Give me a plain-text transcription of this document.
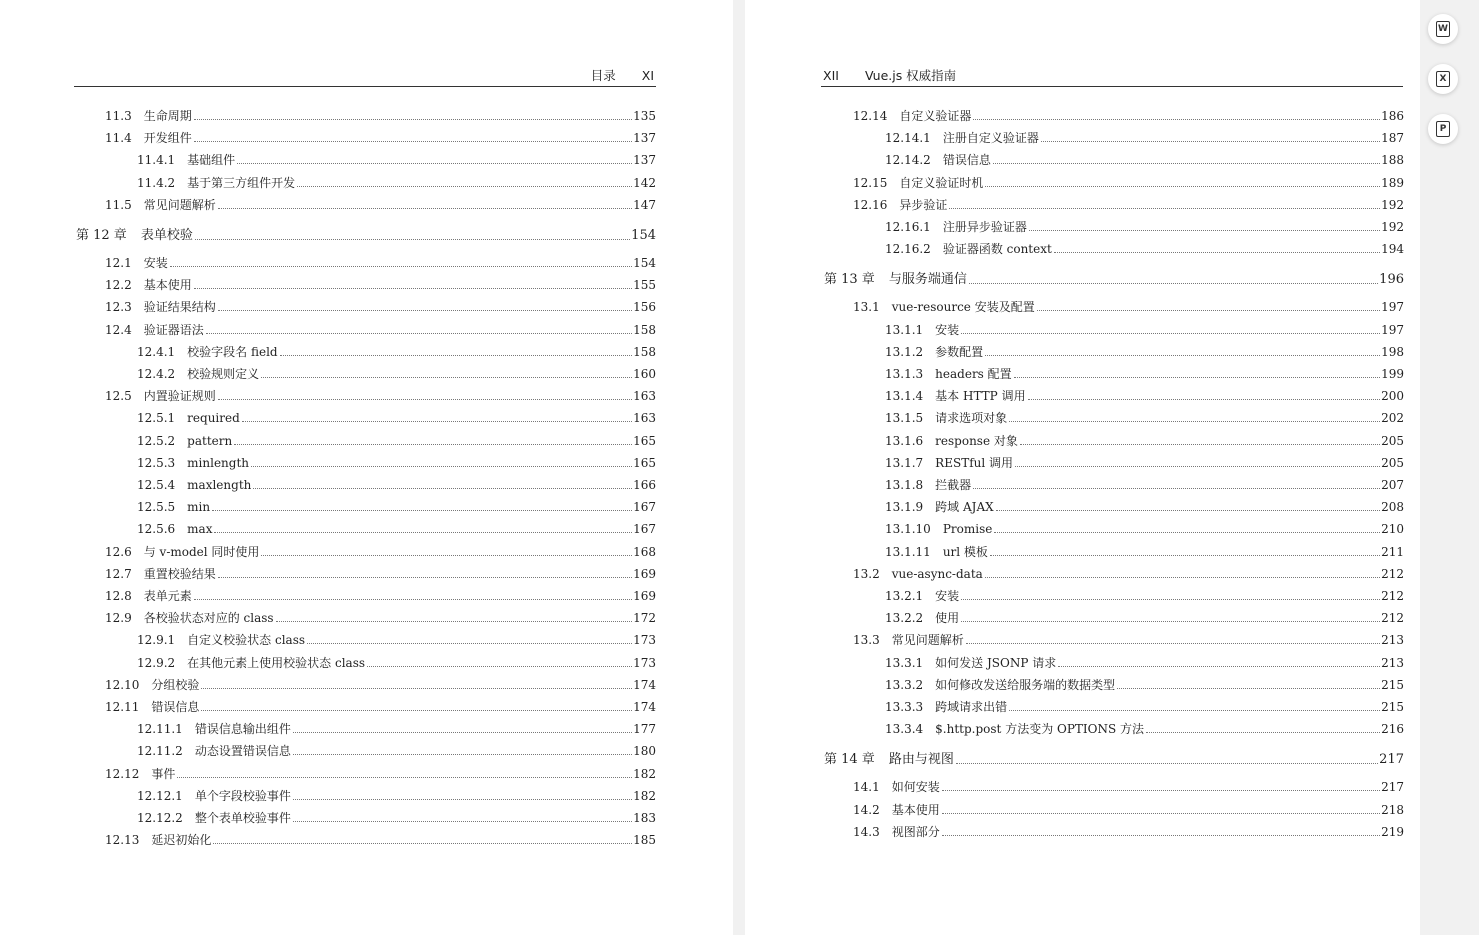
目录 XI
11.3 生命周期	135
11.4 开发组件	137
11.4.1 基础组件	137
11.4.2 基于第三方组件开发	142
11.5 常见问题解析	147
第 12 章 表单校验	154
12.1 安装	154
12.2 基本使用	155
12.3 验证结果结构	156
12.4 验证器语法	158
12.4.1 校验字段名 field	158
12.4.2 校验规则定义	160
12.5 内置验证规则	163
12.5.1 required	163
12.5.2 pattern	165
12.5.3 minlength	165
12.5.4 maxlength	166
12.5.5 min	167
12.5.6 max	167
12.6 与 v-model 同时使用	168
12.7 重置校验结果	169
12.8 表单元素	169
12.9 各校验状态对应的 class	172
12.9.1 自定义校验状态 class	173
12.9.2 在其他元素上使用校验状态 class	173
12.10 分组校验	174
12.11 错误信息	174
12.11.1 错误信息输出组件	177
12.11.2 动态设置错误信息	180
12.12 事件	182
12.12.1 单个字段校验事件	182
12.12.2 整个表单校验事件	183
12.13 延迟初始化	185
XII Vue.js 权威指南
12.14 自定义验证器	186
12.14.1 注册自定义验证器	187
12.14.2 错误信息	188
12.15 自定义验证时机	189
12.16 异步验证	192
12.16.1 注册异步验证器	192
12.16.2 验证器函数 context	194
第 13 章 与服务端通信	196
13.1 vue-resource 安装及配置	197
13.1.1 安装	197
13.1.2 参数配置	198
13.1.3 headers 配置	199
13.1.4 基本 HTTP 调用	200
13.1.5 请求选项对象	202
13.1.6 response 对象	205
13.1.7 RESTful 调用	205
13.1.8 拦截器	207
13.1.9 跨域 AJAX	208
13.1.10 Promise	210
13.1.11 url 模板	211
13.2 vue-async-data	212
13.2.1 安装	212
13.2.2 使用	212
13.3 常见问题解析	213
13.3.1 如何发送 JSONP 请求	213
13.3.2 如何修改发送给服务端的数据类型	215
13.3.3 跨域请求出错	215
13.3.4 $.http.post 方法变为 OPTIONS 方法	216
第 14 章 路由与视图	217
14.1 如何安装	217
14.2 基本使用	218
14.3 视图部分	219
W
X
P
